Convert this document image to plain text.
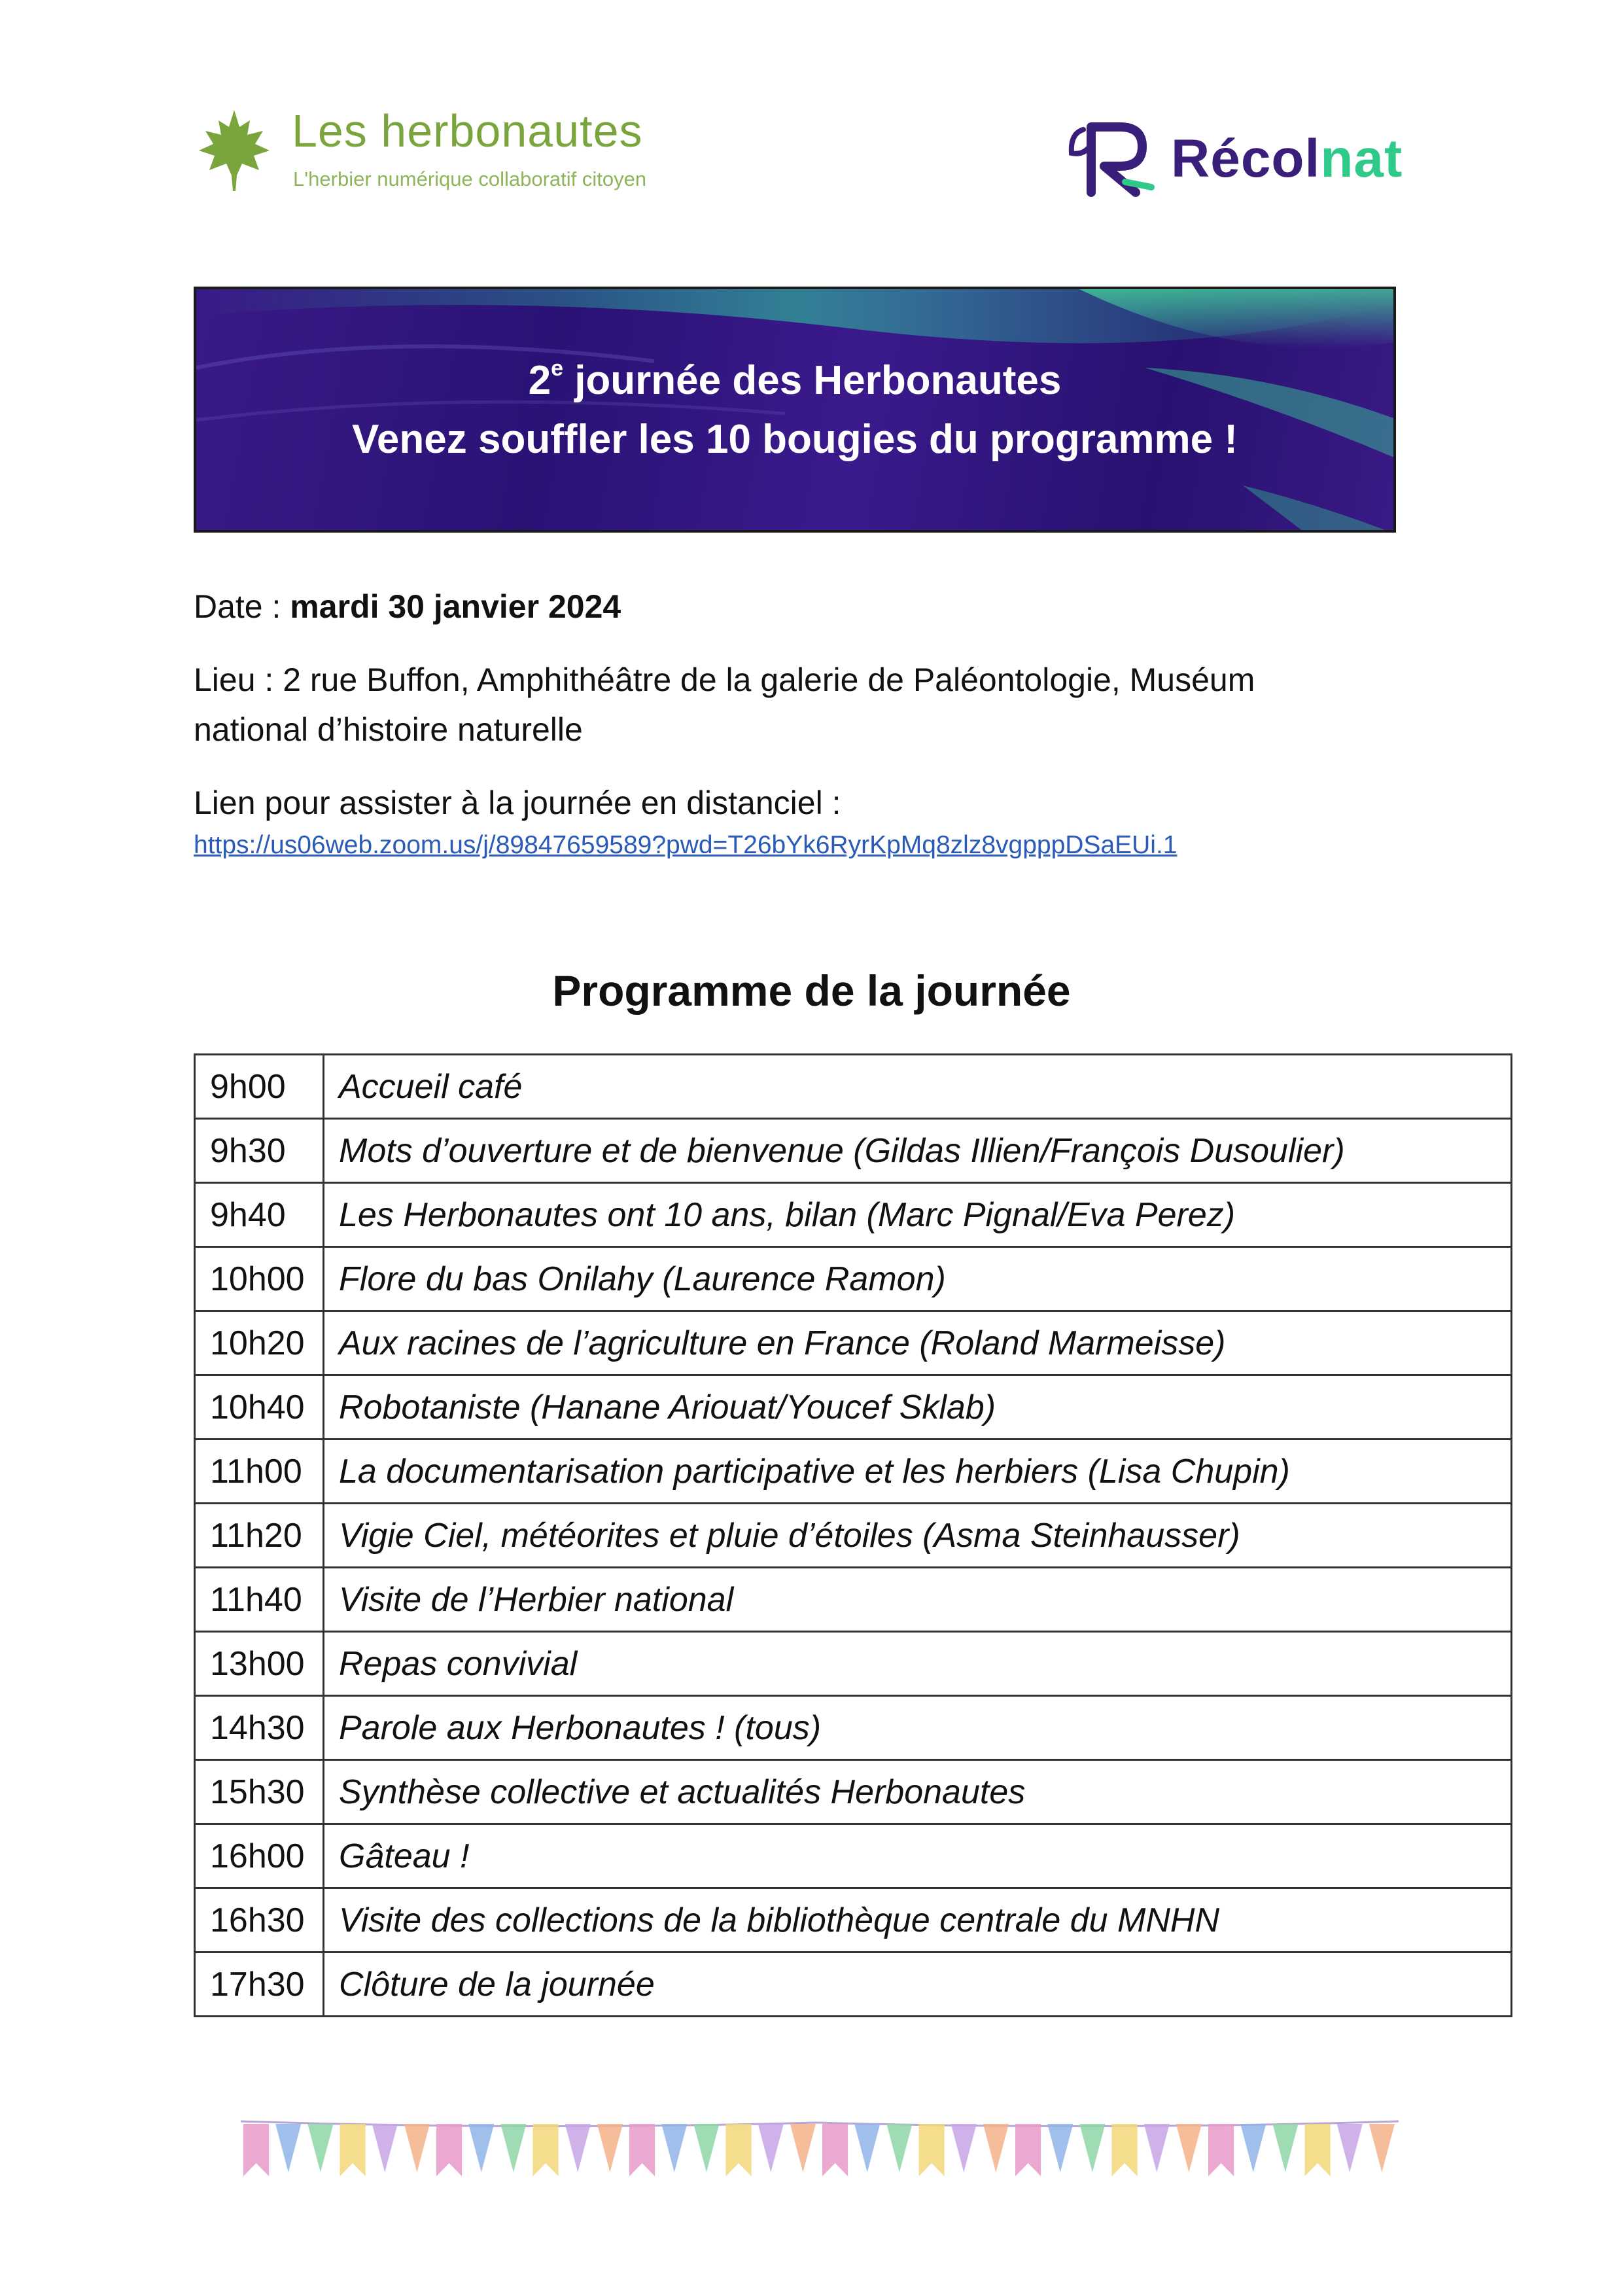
Les herbonautes
L'herbier numérique collaboratif citoyen	Récolnat
2e journée des Herbonautes
Venez souffler les 10 bougies du programme !
Date : mardi 30 janvier 2024
Lieu : 2 rue Buffon, Amphithéâtre de la galerie de Paléontologie, Muséum
national d’histoire naturelle
Lien pour assister à la journée en distanciel :
https://us06web.zoom.us/j/89847659589?pwd=T26bYk6RyrKpMq8zlz8vgpppDSaEUi.1
Programme de la journée
9h00	Accueil café
9h30	Mots d’ouverture et de bienvenue (Gildas Illien/François Dusoulier)
9h40	Les Herbonautes ont 10 ans, bilan (Marc Pignal/Eva Perez)
10h00	Flore du bas Onilahy (Laurence Ramon)
10h20	Aux racines de l’agriculture en France (Roland Marmeisse)
10h40	Robotaniste (Hanane Ariouat/Youcef Sklab)
11h00	La documentarisation participative et les herbiers (Lisa Chupin)
11h20	Vigie Ciel, météorites et pluie d’étoiles (Asma Steinhausser)
11h40	Visite de l’Herbier national
13h00	Repas convivial
14h30	Parole aux Herbonautes ! (tous)
15h30	Synthèse collective et actualités Herbonautes
16h00	Gâteau !
16h30	Visite des collections de la bibliothèque centrale du MNHN
17h30	Clôture de la journée
